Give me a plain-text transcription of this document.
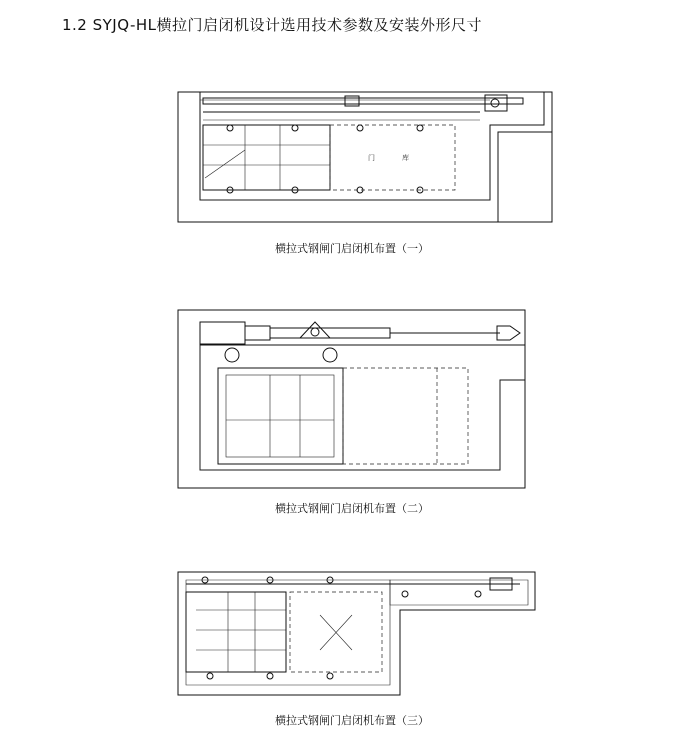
1.2 SYJQ-HL横拉门启闭机设计选用技术参数及安装外形尺寸
门	库
横拉式钢闸门启闭机布置（一）
横拉式钢闸门启闭机布置（二）
横拉式钢闸门启闭机布置（三）
